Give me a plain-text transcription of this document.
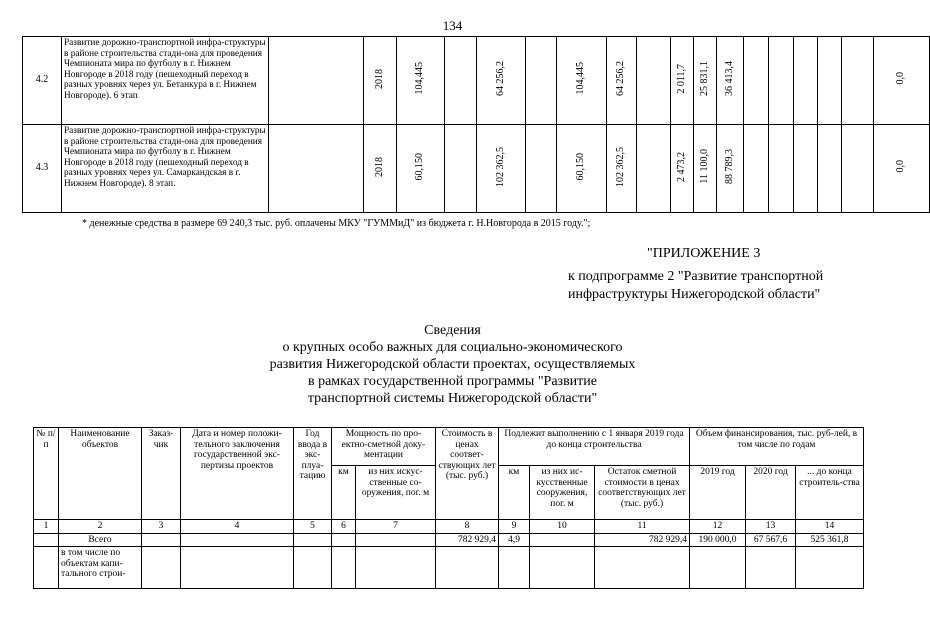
134
4.2	Развитие дорожно-транспортной инфра-структуры в районе строительства стади-она для проведения Чемпионата мира по футболу в г. Нижнем Новгороде в 2018 году (пешеходный переход в разных уровнях через ул. Бетанкура в г. Нижнем Новгороде). 6 этап		2018	104,445		64 256,2		104,445	64 256,2		2 011,7	25 831,1	36 413,4						0,0
4.3	Развитие дорожно-транспортной инфра-структуры в районе строительства стади-она для проведения Чемпионата мира по футболу в г. Нижнем Новгороде в 2018 году (пешеходный переход в разных уровнях через ул. Самаркандская в г. Нижнем Новгороде). 8 этап.		2018	60,150		102 362,5		60,150	102 362,5		2 473,2	11 100,0	88 789,3						0,0
* денежные средства в размере 69 240,3 тыс. руб. оплачены МКУ "ГУММиД" из бюджета г. Н.Новгорода в 2015 году.";
"ПРИЛОЖЕНИЕ 3
к подпрограмме 2 "Развитие транспортной
инфраструктуры Нижегородской области"
Сведения
о крупных особо важных для социально-экономического
развития Нижегородской области проектах, осуществляемых
в рамках государственной программы "Развитие
транспортной системы Нижегородской области"
№ п/ п	Наименование объектов	Заказ-чик	Дата и номер положи-тельного заключения государственной экс-пертизы проектов	Год ввода в экс-плуа-тацию	Мощность по про-ектно-сметной доку-ментации		Стоимость в ценах соответ-ствующих лет (тыс. руб.)	Подлежит выполнению с 1 января 2019 года до конца строительства			Объем финансирования, тыс. руб-лей, в том числе по годам		
					км	из них искус-ственные со-оружения, пог. м		км	из них ис-кусственные сооружения, пог. м	Остаток сметной стоимости в ценах соответствующих лет (тыс. руб.)	2019 год	2020 год	... до конца строитель-ства
1	2	3	4	5	6	7	8	9	10	11	12	13	14
	Всего						782 929,4	4,9		782 929,4	190 000,0	67 567,6	525 361,8
	в том числе по объектам капи-тального строи-												
